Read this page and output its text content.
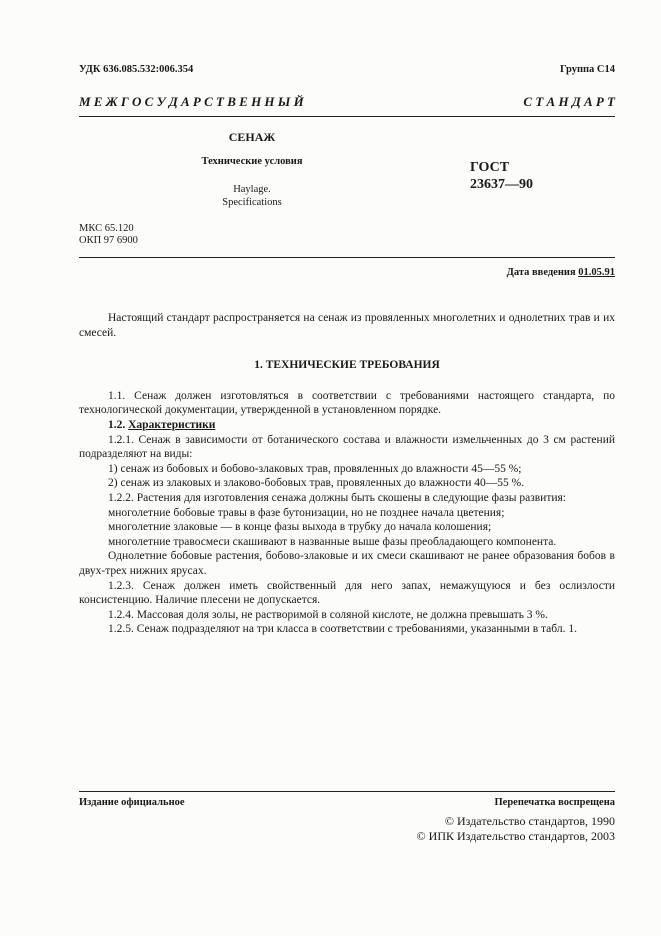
УДК 636.085.532:006.354	Группа С14
М Е Ж Г О С У Д А Р С Т В Е Н Н Ы Й	С Т А Н Д А Р Т
СЕНАЖ
Технические условия
Haylage.
Specifications
ГОСТ
23637—90
МКС 65.120
ОКП 97 6900
Дата введения 01.05.91

Настоящий стандарт распространяется на сенаж из провяленных многолетних и однолетних трав и их смесей.

1. ТЕХНИЧЕСКИЕ ТРЕБОВАНИЯ

1.1. Сенаж должен изготовляться в соответствии с требованиями настоящего стандарта, по технологической документации, утвержденной в установленном порядке.

1.2. Характеристики

1.2.1. Сенаж в зависимости от ботанического состава и влажности измельченных до 3 см растений подразделяют на виды:

1) сенаж из бобовых и бобово-злаковых трав, провяленных до влажности 45—55 %;

2) сенаж из злаковых и злаково-бобовых трав, провяленных до влажности 40—55 %.

1.2.2. Растения для изготовления сенажа должны быть скошены в следующие фазы развития:

многолетние бобовые травы в фазе бутонизации, но не позднее начала цветения;

многолетние злаковые — в конце фазы выхода в трубку до начала колошения;

многолетние травосмеси скашивают в названные выше фазы преобладающего компонента.

Однолетние бобовые растения, бобово-злаковые и их смеси скашивают не ранее образования бобов в двух-трех нижних ярусах.

1.2.3. Сенаж должен иметь свойственный для него запах, немажущуюся и без ослизлости консистенцию. Наличие плесени не допускается.

1.2.4. Массовая доля золы, не растворимой в соляной кислоте, не должна превышать 3 %.

1.2.5. Сенаж подразделяют на три класса в соответствии с требованиями, указанными в табл. 1.

Издание официальное	Перепечатка воспрещена
© Издательство стандартов, 1990
© ИПК Издательство стандартов, 2003
